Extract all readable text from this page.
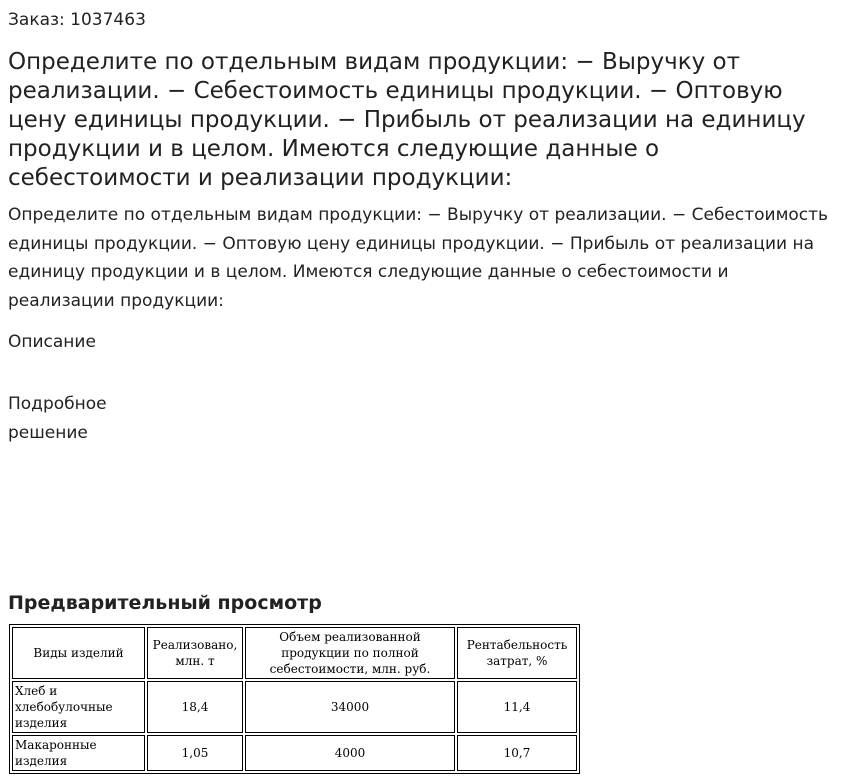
Заказ: 1037463

Определите по отдельным видам продукции: − Выручку от реализации. − Себестоимость единицы продукции. − Оптовую цену единицы продукции. − Прибыль от реализации на единицу продукции и в целом. Имеются следующие данные о себестоимости и реализации продукции:

Определите по отдельным видам продукции: − Выручку от реализации. − Себестоимость единицы продукции. − Оптовую цену единицы продукции. − Прибыль от реализации на единицу продукции и в целом. Имеются следующие данные о себестоимости и реализации продукции:

Описание

Подробное решение

Предварительный просмотр
Виды изделий	Реализовано, млн. т	Объем реализованной продукции по полной себестоимости, млн. руб.	Рентабельность затрат, %
Хлеб и хлебобулочные изделия	18,4	34000	11,4
Макаронные изделия	1,05	4000	10,7
